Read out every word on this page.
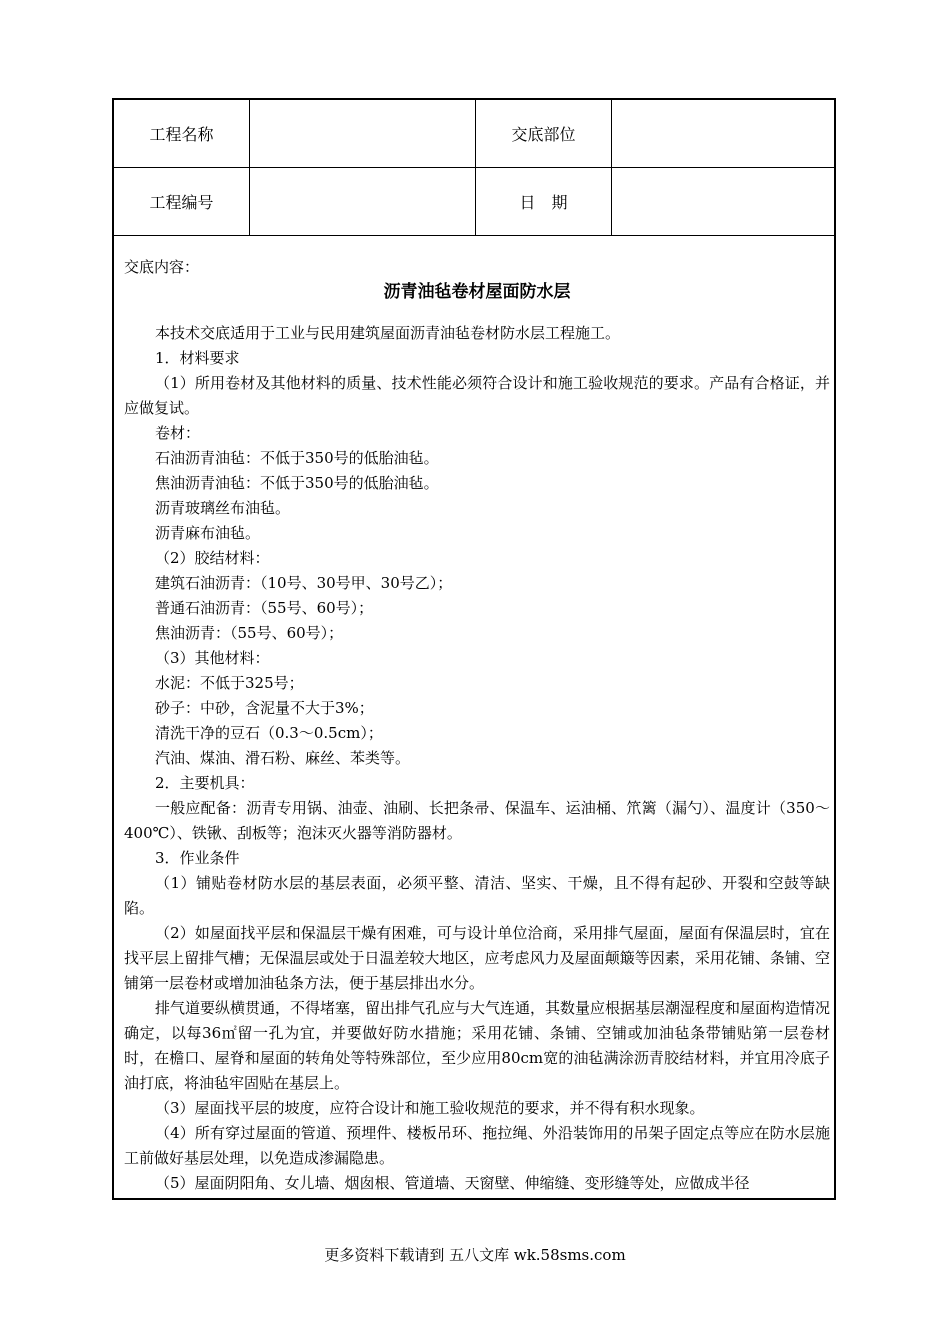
工程名称	交底部位
工程编号	日　期

交底内容：

沥青油毡卷材屋面防水层

本技术交底适用于工业与民用建筑屋面沥青油毡卷材防水层工程施工。

1．材料要求

（1）所用卷材及其他材料的质量、技术性能必须符合设计和施工验收规范的要求。产品有合格证，并应做复试。

卷材：

石油沥青油毡：不低于350号的低胎油毡。

焦油沥青油毡：不低于350号的低胎油毡。

沥青玻璃丝布油毡。

沥青麻布油毡。

（2）胶结材料：

建筑石油沥青：（10号、30号甲、30号乙）；

普通石油沥青：（55号、60号）；

焦油沥青：（55号、60号）；

（3）其他材料：

水泥：不低于325号；

砂子：中砂，含泥量不大于3%；

清洗干净的豆石（0.3～0.5cm）；

汽油、煤油、滑石粉、麻丝、苯类等。

2．主要机具：

一般应配备：沥青专用锅、油壶、油刷、长把条帚、保温车、运油桶、笊篱（漏勺）、温度计（350～400℃）、铁锹、刮板等；泡沫灭火器等消防器材。

3．作业条件

（1）铺贴卷材防水层的基层表面，必须平整、清洁、坚实、干燥，且不得有起砂、开裂和空鼓等缺陷。

（2）如屋面找平层和保温层干燥有困难，可与设计单位洽商，采用排气屋面，屋面有保温层时，宜在找平层上留排气槽；无保温层或处于日温差较大地区，应考虑风力及屋面颠簸等因素，采用花铺、条铺、空铺第一层卷材或增加油毡条方法，便于基层排出水分。

排气道要纵横贯通，不得堵塞，留出排气孔应与大气连通，其数量应根据基层潮湿程度和屋面构造情况确定，以每36㎡留一孔为宜，并要做好防水措施；采用花铺、条铺、空铺或加油毡条带铺贴第一层卷材时，在檐口、屋脊和屋面的转角处等特殊部位，至少应用80cm宽的油毡满涂沥青胶结材料，并宜用冷底子油打底，将油毡牢固贴在基层上。

（3）屋面找平层的坡度，应符合设计和施工验收规范的要求，并不得有积水现象。

（4）所有穿过屋面的管道、预埋件、楼板吊环、拖拉绳、外沿装饰用的吊架子固定点等应在防水层施工前做好基层处理，以免造成渗漏隐患。

（5）屋面阴阳角、女儿墙、烟囱根、管道墙、天窗壁、伸缩缝、变形缝等处，应做成半径

更多资料下载请到 五八文库 wk.58sms.com
